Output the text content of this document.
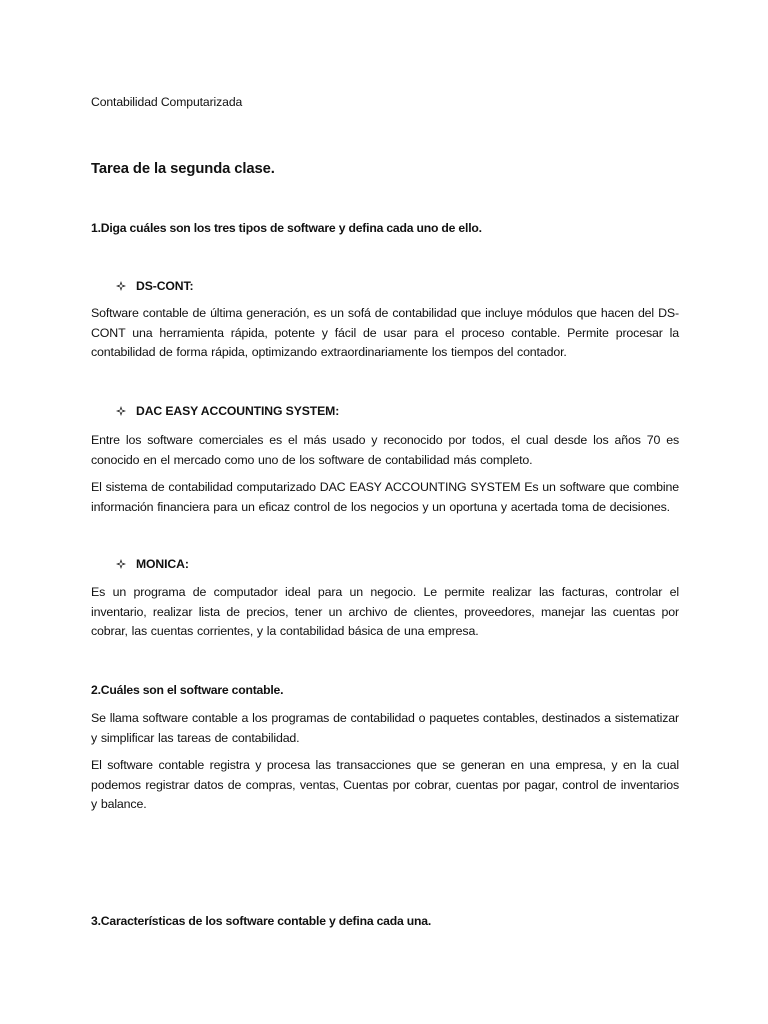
Contabilidad Computarizada
Tarea de la segunda clase.
1.Diga cuáles son los tres tipos de software y defina cada uno de ello.
DS-CONT:

Software contable de última generación, es un sofá de contabilidad que incluye módulos que hacen del DS-CONT una herramienta rápida, potente y fácil de usar para el proceso contable. Permite procesar la contabilidad de forma rápida, optimizando extraordinariamente los tiempos del contador.

DAC EASY ACCOUNTING SYSTEM:

Entre los software comerciales es el más usado y reconocido por todos, el cual desde los años 70 es conocido en el mercado como uno de los software de contabilidad más completo.

El sistema de contabilidad computarizado DAC EASY ACCOUNTING SYSTEM Es un software que combine información financiera para un eficaz control de los negocios y un oportuna y acertada toma de decisiones.

MONICA:

Es un programa de computador ideal para un negocio. Le permite realizar las facturas, controlar el inventario, realizar lista de precios, tener un archivo de clientes, proveedores, manejar las cuentas por cobrar, las cuentas corrientes, y la contabilidad básica de una empresa.

2.Cuáles son el software contable.

Se llama software contable a los programas de contabilidad o paquetes contables, destinados a sistematizar y simplificar las tareas de contabilidad.

El software contable registra y procesa las transacciones que se generan en una empresa, y en la cual podemos registrar datos de compras, ventas, Cuentas por cobrar, cuentas por pagar, control de inventarios y balance.

3.Características de los software contable y defina cada una.
